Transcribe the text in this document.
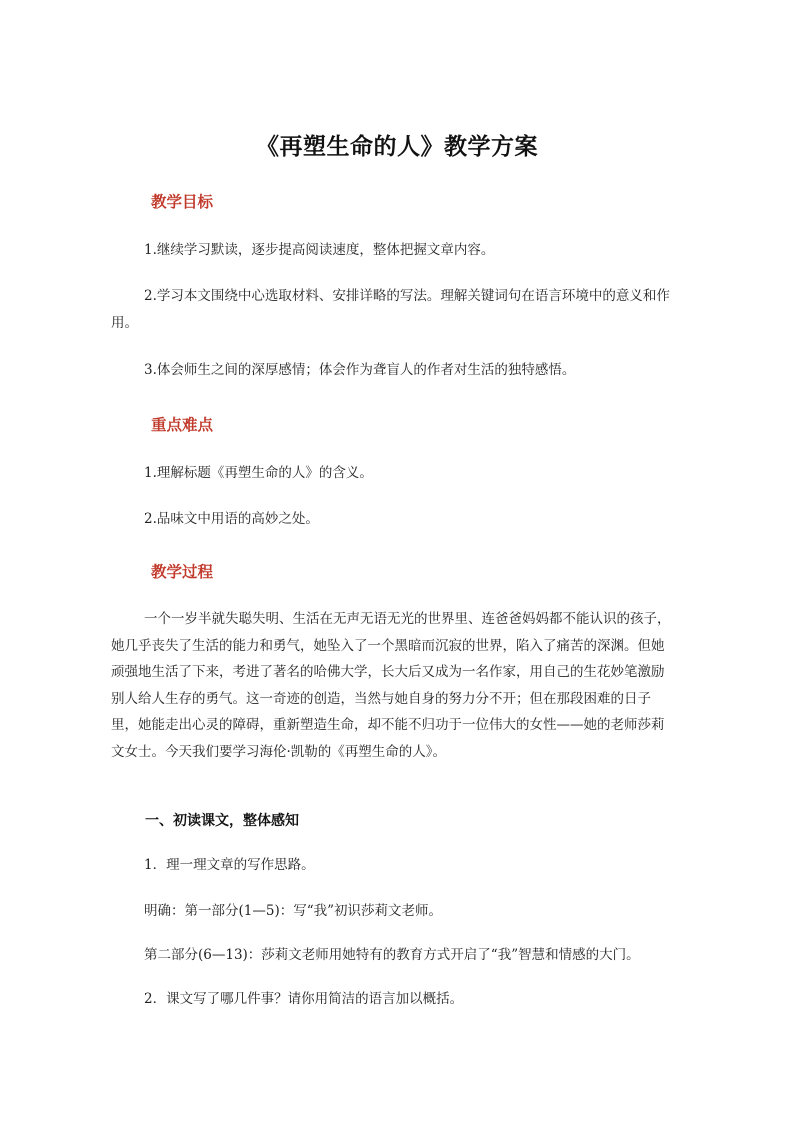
《再塑生命的人》教学方案
教学目标

1.继续学习默读，逐步提高阅读速度，整体把握文章内容。

2.学习本文围绕中心选取材料、安排详略的写法。理解关键词句在语言环境中的意义和作用。

3.体会师生之间的深厚感情；体会作为聋盲人的作者对生活的独特感悟。

重点难点

1.理解标题《再塑生命的人》的含义。

2.品味文中用语的高妙之处。

教学过程

一个一岁半就失聪失明、生活在无声无语无光的世界里、连爸爸妈妈都不能认识的孩子，她几乎丧失了生活的能力和勇气，她坠入了一个黑暗而沉寂的世界，陷入了痛苦的深渊。但她顽强地生活了下来，考进了著名的哈佛大学，长大后又成为一名作家，用自己的生花妙笔激励别人给人生存的勇气。这一奇迹的创造，当然与她自身的努力分不开；但在那段困难的日子里，她能走出心灵的障碍，重新塑造生命，却不能不归功于一位伟大的女性——她的老师莎莉文女士。今天我们要学习海伦·凯勒的《再塑生命的人》。

一、初读课文，整体感知

1．理一理文章的写作思路。

明确：第一部分(1—5)：写“我”初识莎莉文老师。

第二部分(6—13)：莎莉文老师用她特有的教育方式开启了“我”智慧和情感的大门。

2．课文写了哪几件事？请你用简洁的语言加以概括。
